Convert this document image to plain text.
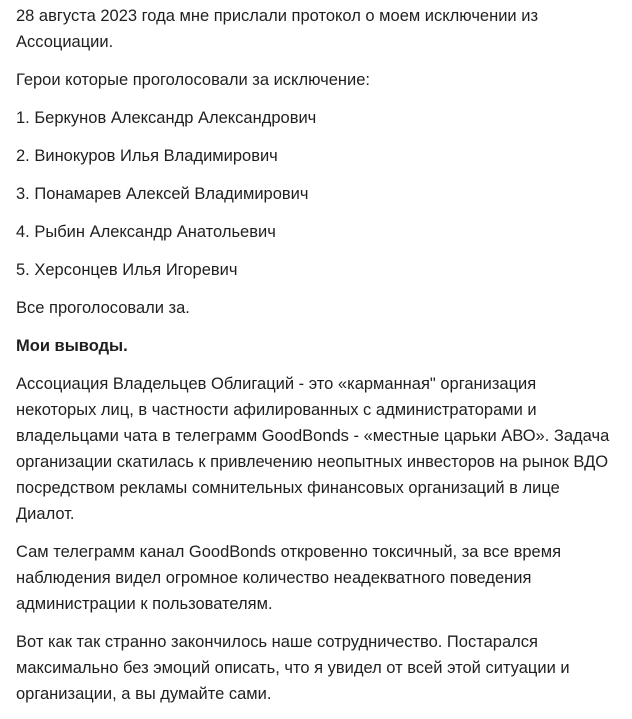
28 августа 2023 года мне прислали протокол о моем исключении из Ассоциации.

Герои которые проголосовали за исключение:

1. Беркунов Александр Александрович

2. Винокуров Илья Владимирович

3. Понамарев Алексей Владимирович

4. Рыбин Александр Анатольевич

5. Херсонцев Илья Игоревич

Все проголосовали за.

Мои выводы.

Ассоциация Владельцев Облигаций - это «карманная" организация некоторых лиц, в частности афилированных с администраторами и владельцами чата в телеграмм GoodBonds - «местные царьки АВО». Задача организации скатилась к привлечению неопытных инвесторов на рынок ВДО посредством рекламы сомнительных финансовых организаций в лице Диалот.

Сам телеграмм канал GoodBonds откровенно токсичный, за все время наблюдения видел огромное количество неадекватного поведения администрации к пользователям.

Вот как так странно закончилось наше сотрудничество. Постарался максимально без эмоций описать, что я увидел от всей этой ситуации и организации, а вы думайте сами.
